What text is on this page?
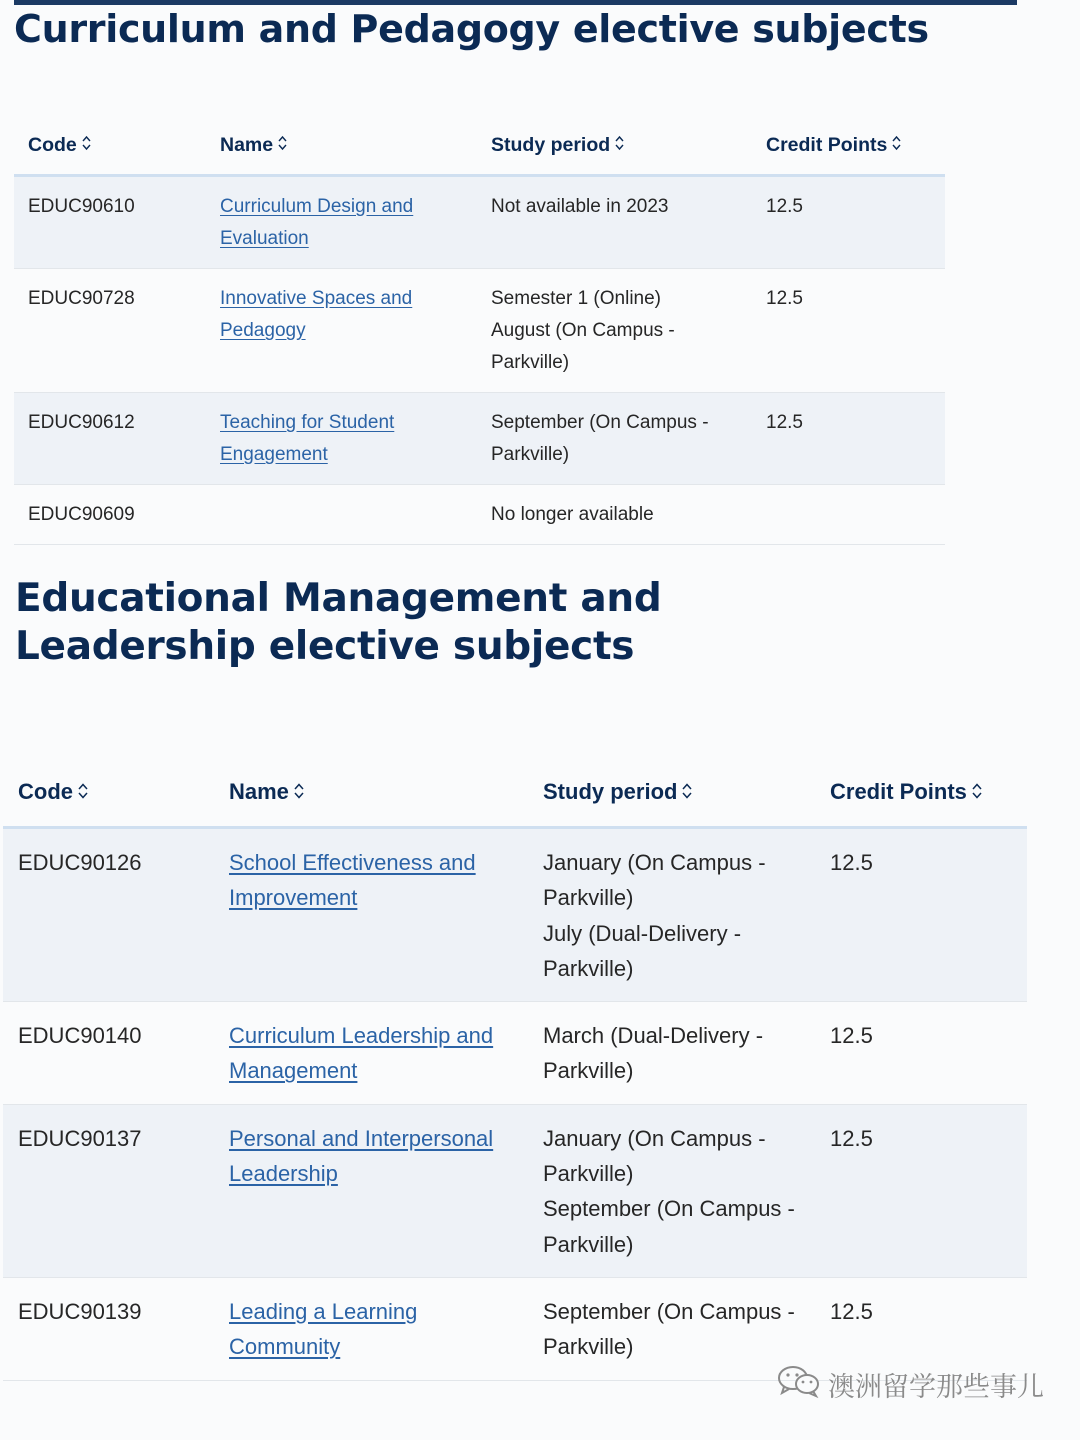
Curriculum and Pedagogy elective subjects
Code	Name	Study period	Credit Points
EDUC90610	Curriculum Design and Evaluation	Not available in 2023	12.5
EDUC90728	Innovative Spaces and Pedagogy	Semester 1 (Online)
August (On Campus - Parkville)	12.5
EDUC90612	Teaching for Student Engagement	September (On Campus - Parkville)	12.5
EDUC90609		No longer available	

Educational Management and Leadership elective subjects
Code	Name	Study period	Credit Points
EDUC90126	School Effectiveness and Improvement	January (On Campus - Parkville)
July (Dual-Delivery - Parkville)	12.5
EDUC90140	Curriculum Leadership and Management	March (Dual-Delivery - Parkville)	12.5
EDUC90137	Personal and Interpersonal Leadership	January (On Campus - Parkville)
September (On Campus - Parkville)	12.5
EDUC90139	Leading a Learning Community	September (On Campus - Parkville)	12.5
澳洲留学那些事儿
